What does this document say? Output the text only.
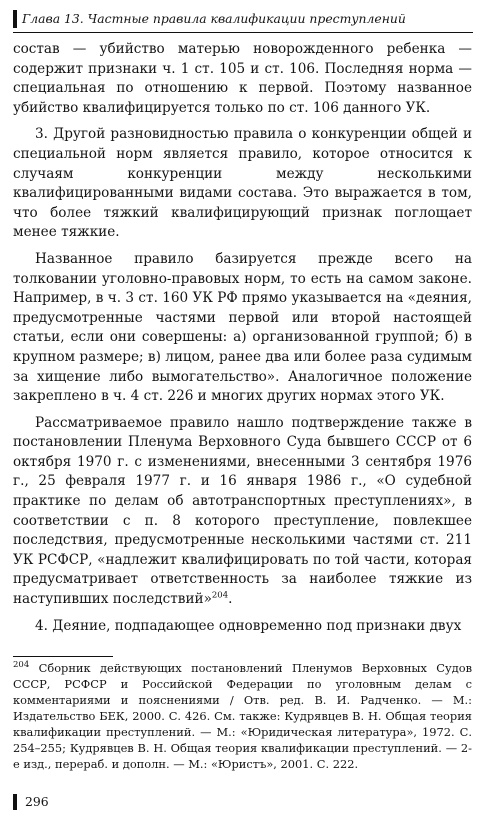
Глава 13. Частные правила квалификации преступлений

состав — убийство матерью новорожденного ребенка — содержит признаки ч. 1 ст. 105 и ст. 106. Последняя норма — специальная по отношению к первой. Поэтому названное убийство квалифицируется только по ст. 106 данного УК.

3. Другой разновидностью правила о конкуренции общей и специальной норм является правило, которое относится к случаям конкуренции между несколькими квалифицированными видами состава. Это выражается в том, что более тяжкий квалифицирующий признак поглощает менее тяжкие.

Названное правило базируется прежде всего на толковании уголовно-правовых норм, то есть на самом законе. Например, в ч. 3 ст. 160 УК РФ прямо указывается на «деяния, предусмотренные частями первой или второй настоящей статьи, если они совершены: а) организованной группой; б) в крупном размере; в) лицом, ранее два или более раза судимым за хищение либо вымогательство». Аналогичное положение закреплено в ч. 4 ст. 226 и многих других нормах этого УК.

Рассматриваемое правило нашло подтверждение также в постановлении Пленума Верховного Суда бывшего СССР от 6 октября 1970 г. с изменениями, внесенными 3 сентября 1976 г., 25 февраля 1977 г. и 16 января 1986 г., «О судебной практике по делам об автотранспортных преступлениях», в соответствии с п. 8 которого преступление, повлекшее последствия, предусмотренные несколькими частями ст. 211 УК РСФСР, «надлежит квалифицировать по той части, которая предусматривает ответственность за наиболее тяжкие из наступивших последствий»$^{204}$.

4. Деяние, подпадающее одновременно под признаки двух

$^{204}$ Сборник действующих постановлений Пленумов Верховных Судов СССР, РСФСР и Российской Федерации по уголовным делам с комментариями и пояснениями / Отв. ред. В. И. Радченко. — М.: Издательство БЕК, 2000. С. 426. См. также: Кудрявцев В. Н. Общая теория квалификации преступлений. — М.: «Юридическая литература», 1972. С. 254–255; Кудрявцев В. Н. Общая теория квалификации преступлений. — 2-е изд., перераб. и дополн. — М.: «Юристъ», 2001. С. 222.

296
